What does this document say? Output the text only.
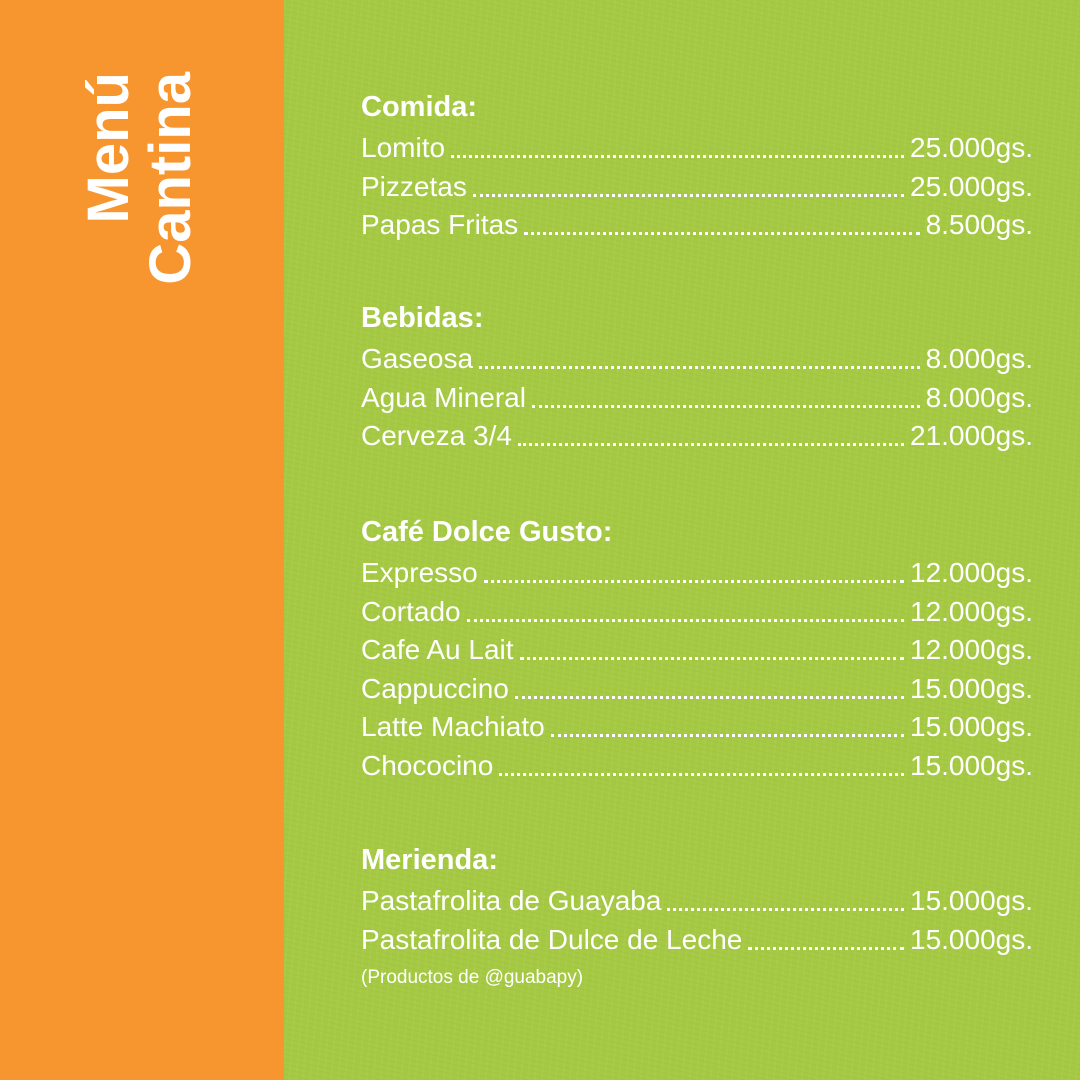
Menú
Cantina	Comida:
Lomito	25.000gs.
Pizzetas	25.000gs.
Papas Fritas	8.500gs.
Bebidas:
Gaseosa	8.000gs.
Agua Mineral	8.000gs.
Cerveza 3/4	21.000gs.
Café Dolce Gusto:
Expresso	12.000gs.
Cortado	12.000gs.
Cafe Au Lait	12.000gs.
Cappuccino	15.000gs.
Latte Machiato	15.000gs.
Chococino	15.000gs.
Merienda:
Pastafrolita de Guayaba	15.000gs.
Pastafrolita de Dulce de Leche	15.000gs.
(Productos de @guabapy)
